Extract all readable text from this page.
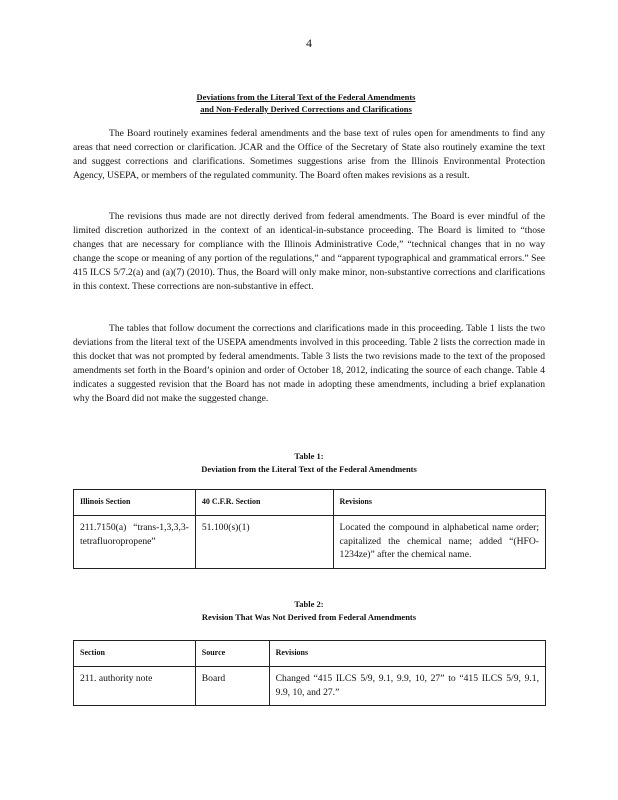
4
Deviations from the Literal Text of the Federal Amendments
and Non-Federally Derived Corrections and Clarifications

The Board routinely examines federal amendments and the base text of rules open for amendments to find any areas that need correction or clarification. JCAR and the Office of the Secretary of State also routinely examine the text and suggest corrections and clarifications. Sometimes suggestions arise from the Illinois Environmental Protection Agency, USEPA, or members of the regulated community. The Board often makes revisions as a result.

The revisions thus made are not directly derived from federal amendments. The Board is ever mindful of the limited discretion authorized in the context of an identical-in-substance proceeding. The Board is limited to “those changes that are necessary for compliance with the Illinois Administrative Code,” “technical changes that in no way change the scope or meaning of any portion of the regulations,” and “apparent typographical and grammatical errors.” See 415 ILCS 5/7.2(a) and (a)(7) (2010). Thus, the Board will only make minor, non-substantive corrections and clarifications in this context. These corrections are non-substantive in effect.

The tables that follow document the corrections and clarifications made in this proceeding. Table 1 lists the two deviations from the literal text of the USEPA amendments involved in this proceeding. Table 2 lists the correction made in this docket that was not prompted by federal amendments. Table 3 lists the two revisions made to the text of the proposed amendments set forth in the Board’s opinion and order of October 18, 2012, indicating the source of each change. Table 4 indicates a suggested revision that the Board has not made in adopting these amendments, including a brief explanation why the Board did not make the suggested change.

Table 1:
Deviation from the Literal Text of the Federal Amendments
Illinois Section	40 C.F.R. Section	Revisions
211.7150(a) “trans-1,3,3,3-tetrafluoropropene”	51.100(s)(1)	Located the compound in alphabetical name order; capitalized the chemical name; added “(HFO-1234ze)” after the chemical name.
Table 2:
Revision That Was Not Derived from Federal Amendments
Section	Source	Revisions
211. authority note	Board	Changed “415 ILCS 5/9, 9.1, 9.9, 10, 27” to “415 ILCS 5/9, 9.1, 9.9, 10, and 27.”
